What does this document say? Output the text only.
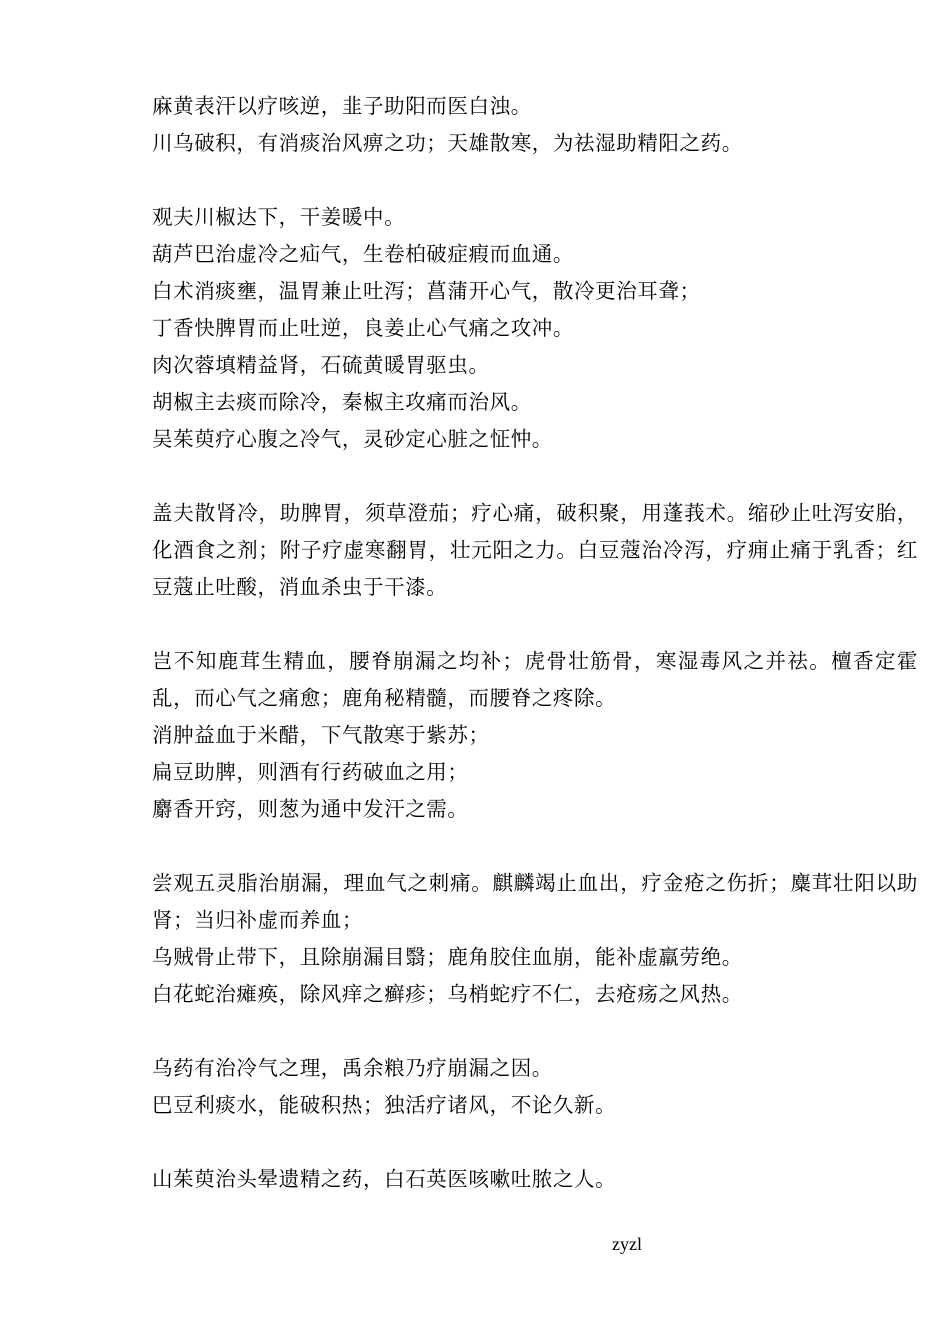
麻黄表汗以疗咳逆，韭子助阳而医白浊。

川乌破积，有消痰治风痹之功；天雄散寒，为祛湿助精阳之药。

观夫川椒达下，干姜暖中。

葫芦巴治虚冷之疝气，生卷柏破症瘕而血通。

白术消痰壅，温胃兼止吐泻；菖蒲开心气，散冷更治耳聋；

丁香快脾胃而止吐逆，良姜止心气痛之攻冲。

肉次蓉填精益肾，石硫黄暖胃驱虫。

胡椒主去痰而除冷，秦椒主攻痛而治风。

吴茱萸疗心腹之冷气，灵砂定心脏之怔忡。

盖夫散肾冷，助脾胃，须草澄茄；疗心痛，破积聚，用蓬莪术。缩砂止吐泻安胎，化酒食之剂；附子疗虚寒翻胃，壮元阳之力。白豆蔻治冷泻，疗痈止痛于乳香；红豆蔻止吐酸，消血杀虫于干漆。

岂不知鹿茸生精血，腰脊崩漏之均补；虎骨壮筋骨，寒湿毒风之并祛。檀香定霍乱，而心气之痛愈；鹿角秘精髓，而腰脊之疼除。

消肿益血于米醋，下气散寒于紫苏；

扁豆助脾，则酒有行药破血之用；

麝香开窍，则葱为通中发汗之需。

尝观五灵脂治崩漏，理血气之刺痛。麒麟竭止血出，疗金疮之伤折；麋茸壮阳以助肾；当归补虚而养血；

乌贼骨止带下，且除崩漏目翳；鹿角胶住血崩，能补虚羸劳绝。

白花蛇治瘫痪，除风痒之癣疹；乌梢蛇疗不仁，去疮疡之风热。

乌药有治冷气之理，禹余粮乃疗崩漏之因。

巴豆利痰水，能破积热；独活疗诸风，不论久新。

山茱萸治头晕遗精之药，白石英医咳嗽吐脓之人。

zyzl
